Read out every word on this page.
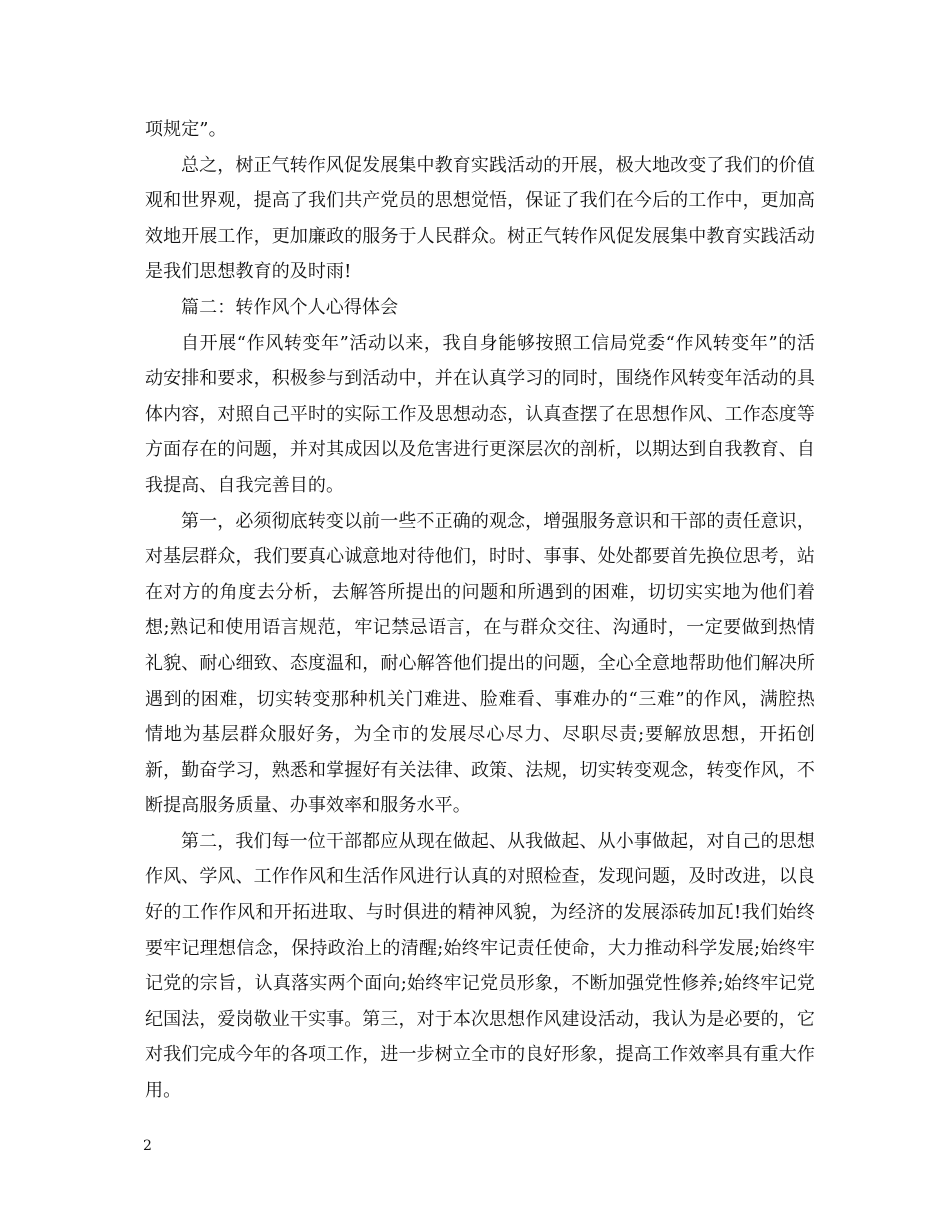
项规定”。

总之，树正气转作风促发展集中教育实践活动的开展，极大地改变了我们的价值观和世界观，提高了我们共产党员的思想觉悟，保证了我们在今后的工作中，更加高效地开展工作，更加廉政的服务于人民群众。树正气转作风促发展集中教育实践活动是我们思想教育的及时雨!

篇二：转作风个人心得体会

自开展“作风转变年”活动以来，我自身能够按照工信局党委“作风转变年”的活动安排和要求，积极参与到活动中，并在认真学习的同时，围绕作风转变年活动的具体内容，对照自己平时的实际工作及思想动态，认真查摆了在思想作风、工作态度等方面存在的问题，并对其成因以及危害进行更深层次的剖析，以期达到自我教育、自我提高、自我完善目的。

第一，必须彻底转变以前一些不正确的观念，增强服务意识和干部的责任意识，对基层群众，我们要真心诚意地对待他们，时时、事事、处处都要首先换位思考，站在对方的角度去分析，去解答所提出的问题和所遇到的困难，切切实实地为他们着想;熟记和使用语言规范，牢记禁忌语言，在与群众交往、沟通时，一定要做到热情礼貌、耐心细致、态度温和，耐心解答他们提出的问题，全心全意地帮助他们解决所遇到的困难，切实转变那种机关门难进、脸难看、事难办的“三难”的作风，满腔热情地为基层群众服好务，为全市的发展尽心尽力、尽职尽责;要解放思想，开拓创新，勤奋学习，熟悉和掌握好有关法律、政策、法规，切实转变观念，转变作风，不断提高服务质量、办事效率和服务水平。

第二，我们每一位干部都应从现在做起、从我做起、从小事做起，对自己的思想作风、学风、工作作风和生活作风进行认真的对照检查，发现问题，及时改进，以良好的工作作风和开拓进取、与时俱进的精神风貌，为经济的发展添砖加瓦!我们始终要牢记理想信念，保持政治上的清醒;始终牢记责任使命，大力推动科学发展;始终牢记党的宗旨，认真落实两个面向;始终牢记党员形象，不断加强党性修养;始终牢记党纪国法，爱岗敬业干实事。第三，对于本次思想作风建设活动，我认为是必要的，它对我们完成今年的各项工作，进一步树立全市的良好形象，提高工作效率具有重大作用。

2
